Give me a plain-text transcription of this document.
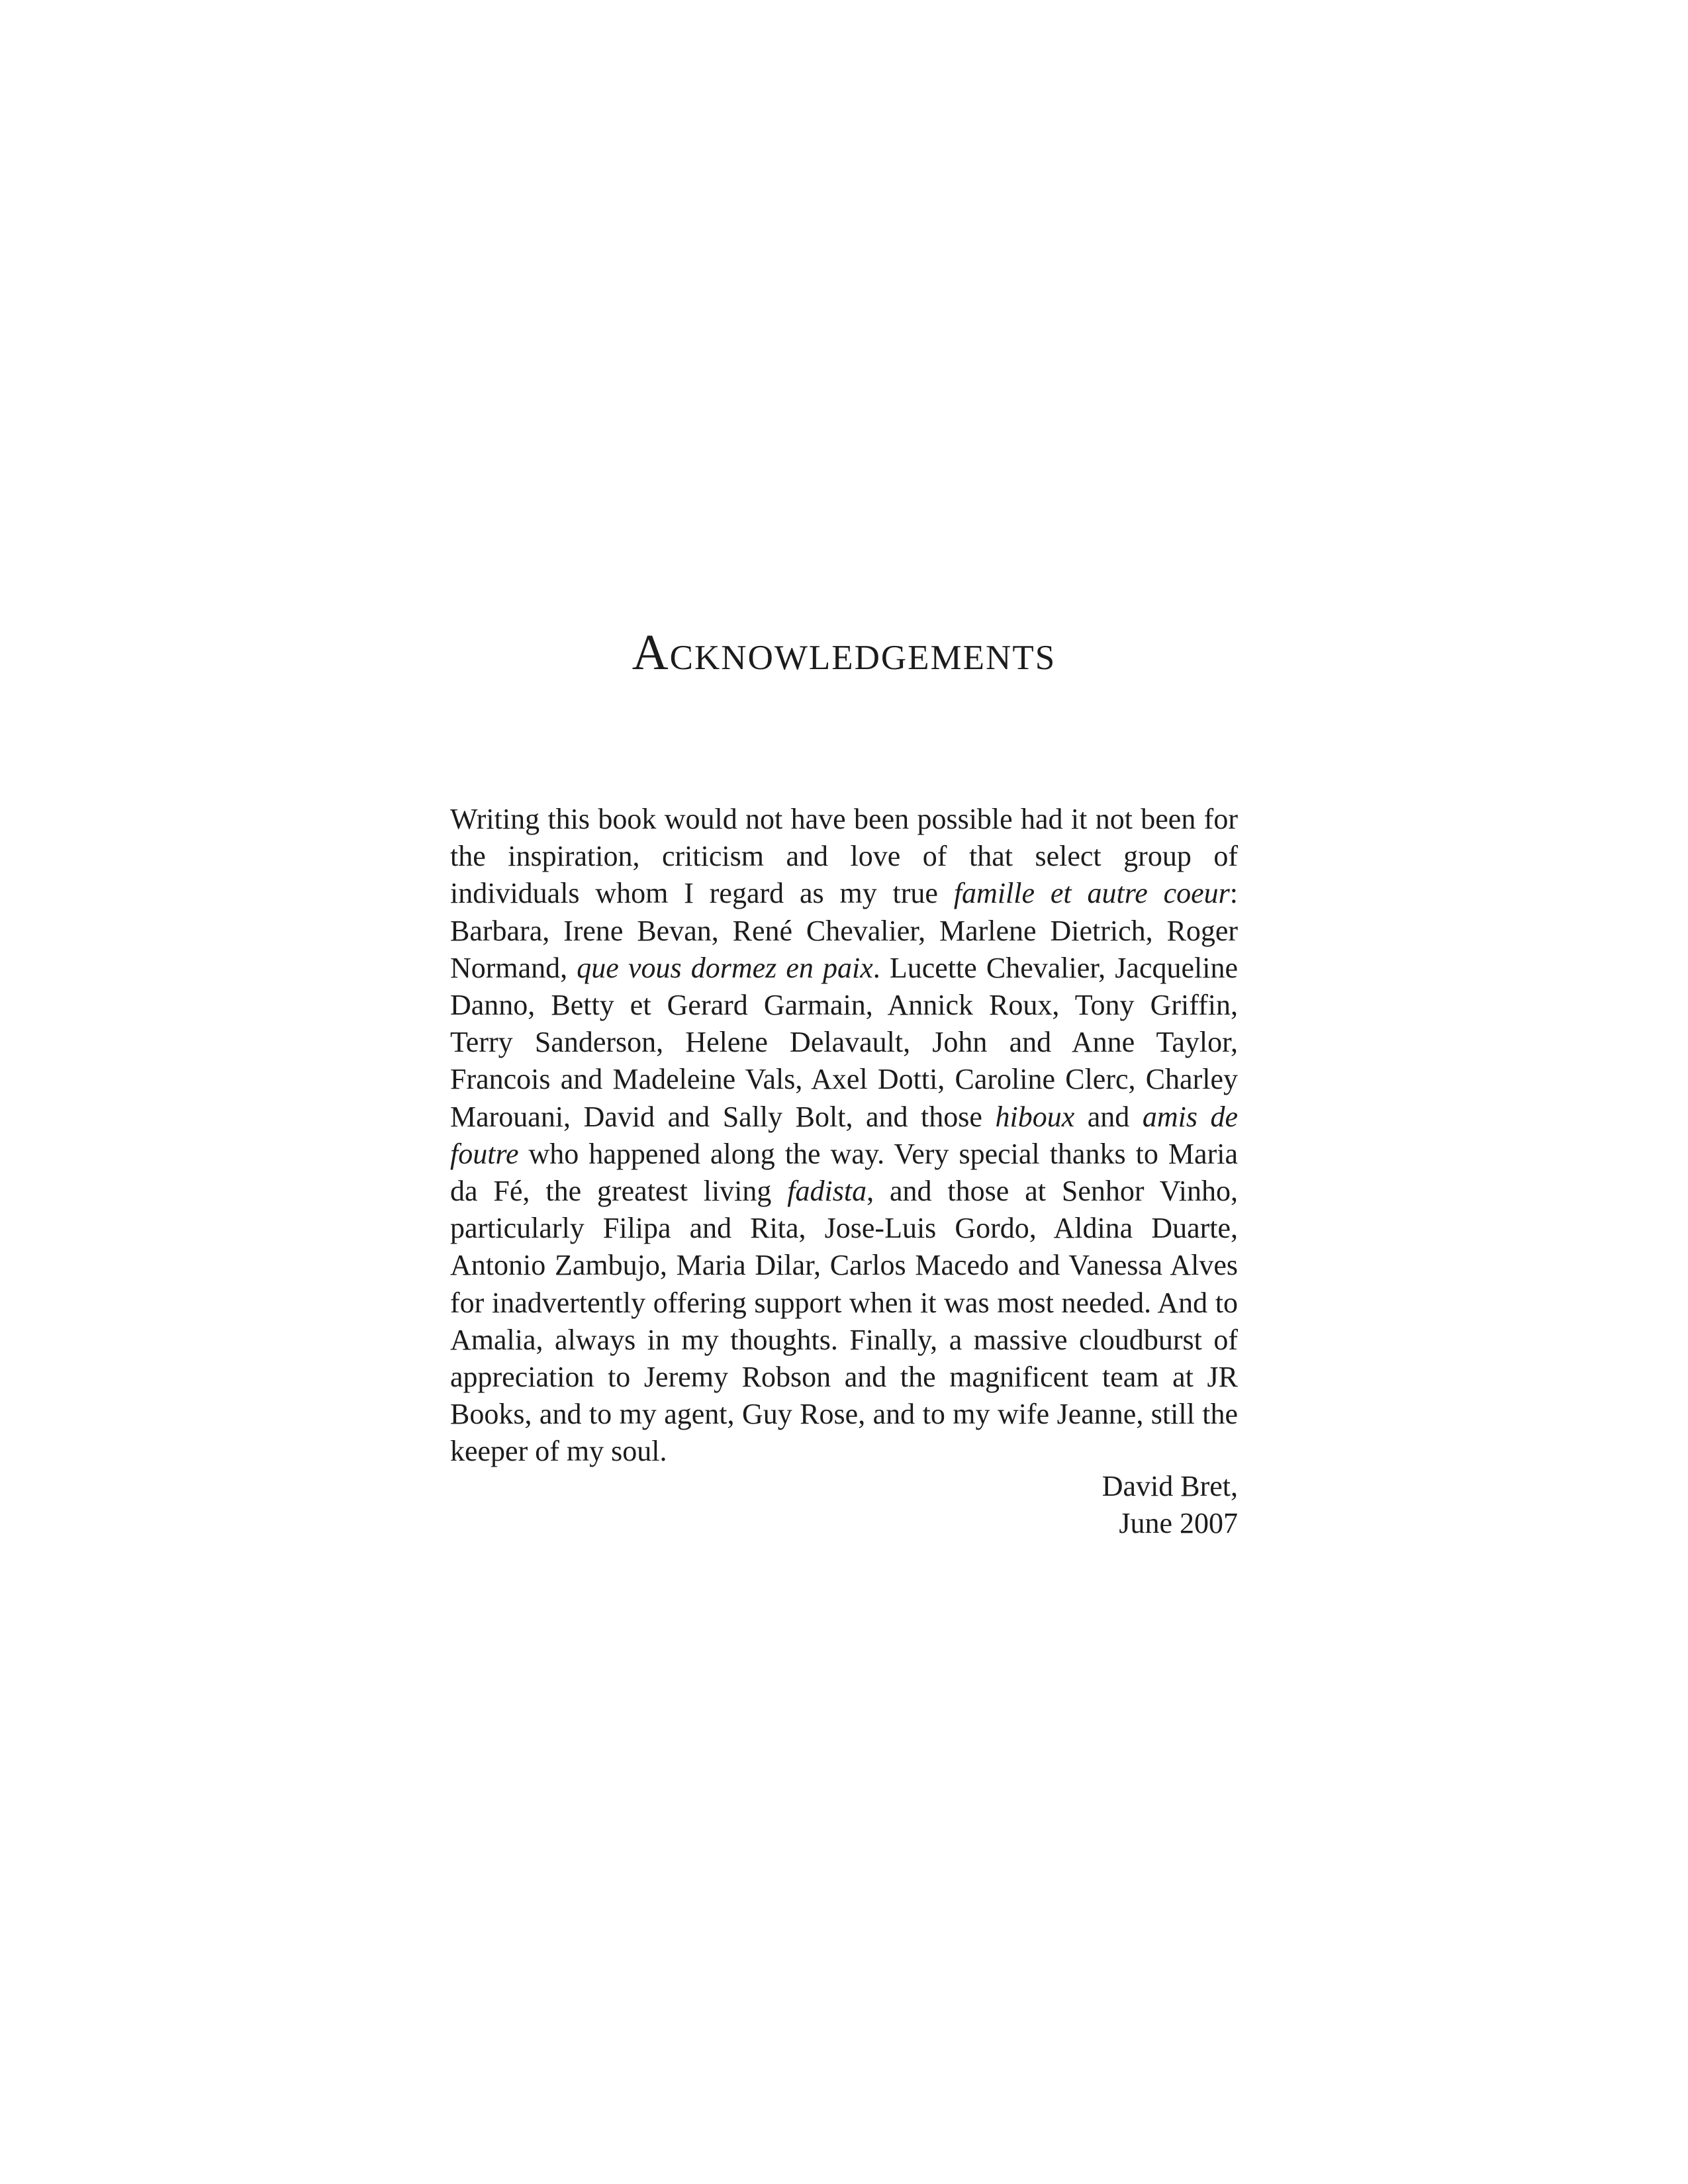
Acknowledgements

Writing this book would not have been possible had it not been for the inspiration, criticism and love of that select group of individuals whom I regard as my true famille et autre coeur: Barbara, Irene Bevan, René Chevalier, Marlene Dietrich, Roger Normand, que vous dormez en paix. Lucette Chevalier, Jacqueline Danno, Betty et Gerard Garmain, Annick Roux, Tony Griffin, Terry Sanderson, Helene Delavault, John and Anne Taylor, Francois and Madeleine Vals, Axel Dotti, Caroline Clerc, Charley Marouani, David and Sally Bolt, and those hiboux and amis de foutre who happened along the way. Very special thanks to Maria da Fé, the greatest living fadista, and those at Senhor Vinho, particularly Filipa and Rita, Jose-Luis Gordo, Aldina Duarte, Antonio Zambujo, Maria Dilar, Carlos Macedo and Vanessa Alves for inadvertently offering support when it was most needed. And to Amalia, always in my thoughts. Finally, a massive cloudburst of appreciation to Jeremy Robson and the magnificent team at JR Books, and to my agent, Guy Rose, and to my wife Jeanne, still the keeper of my soul.

David Bret,
June 2007
